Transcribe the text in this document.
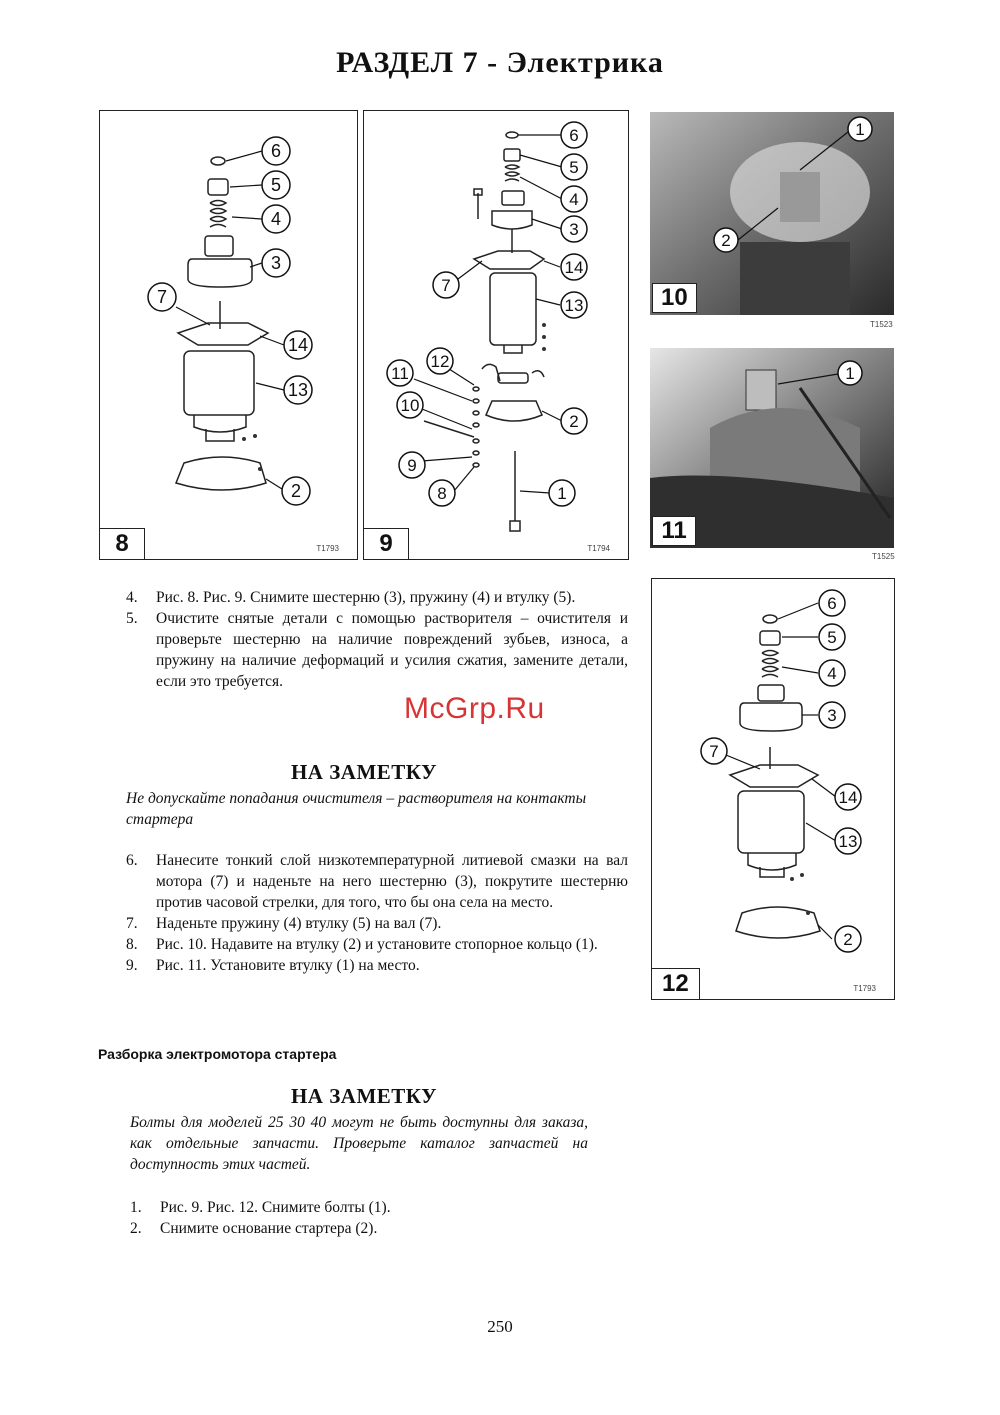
РАЗДЕЛ 7 - Электрика
6
5
4
3
7
14
13
2
8	T1793
6
5
4
3
7
14
13
12
11
10
2
9
8	1
9	T1794
1
2
10
T1523
1
11
T1525
6
5
4
3
7
14
13
2
12	T1793
4. Рис. 8. Рис. 9. Снимите шестерню (3), пружину (4) и втулку (5).
5. Очистите снятые детали с помощью растворителя – очистителя и проверьте шестерню на наличие повреждений зубьев, износа, а пружину на наличие деформаций и усилия сжатия, замените детали, если это требуется.
McGrp.Ru
НА ЗАМЕТКУ
Не допускайте попадания очистителя – растворителя на контакты стартера
6. Нанесите тонкий слой низкотемпературной литиевой смазки на вал мотора (7) и наденьте на него шестерню (3), покрутите шестерню против часовой стрелки, для того, что бы она села на место.
7. Наденьте пружину (4) втулку (5) на вал (7).
8. Рис. 10. Надавите на втулку (2) и установите стопорное кольцо (1).
9. Рис. 11. Установите втулку (1) на место.
Разборка электромотора стартера
НА ЗАМЕТКУ
Болты для моделей 25 30 40 могут не быть доступны для заказа, как отдельные запчасти. Проверьте каталог запчастей на доступность этих частей.
1. Рис. 9. Рис. 12. Снимите болты (1).
2. Снимите основание стартера (2).
250
